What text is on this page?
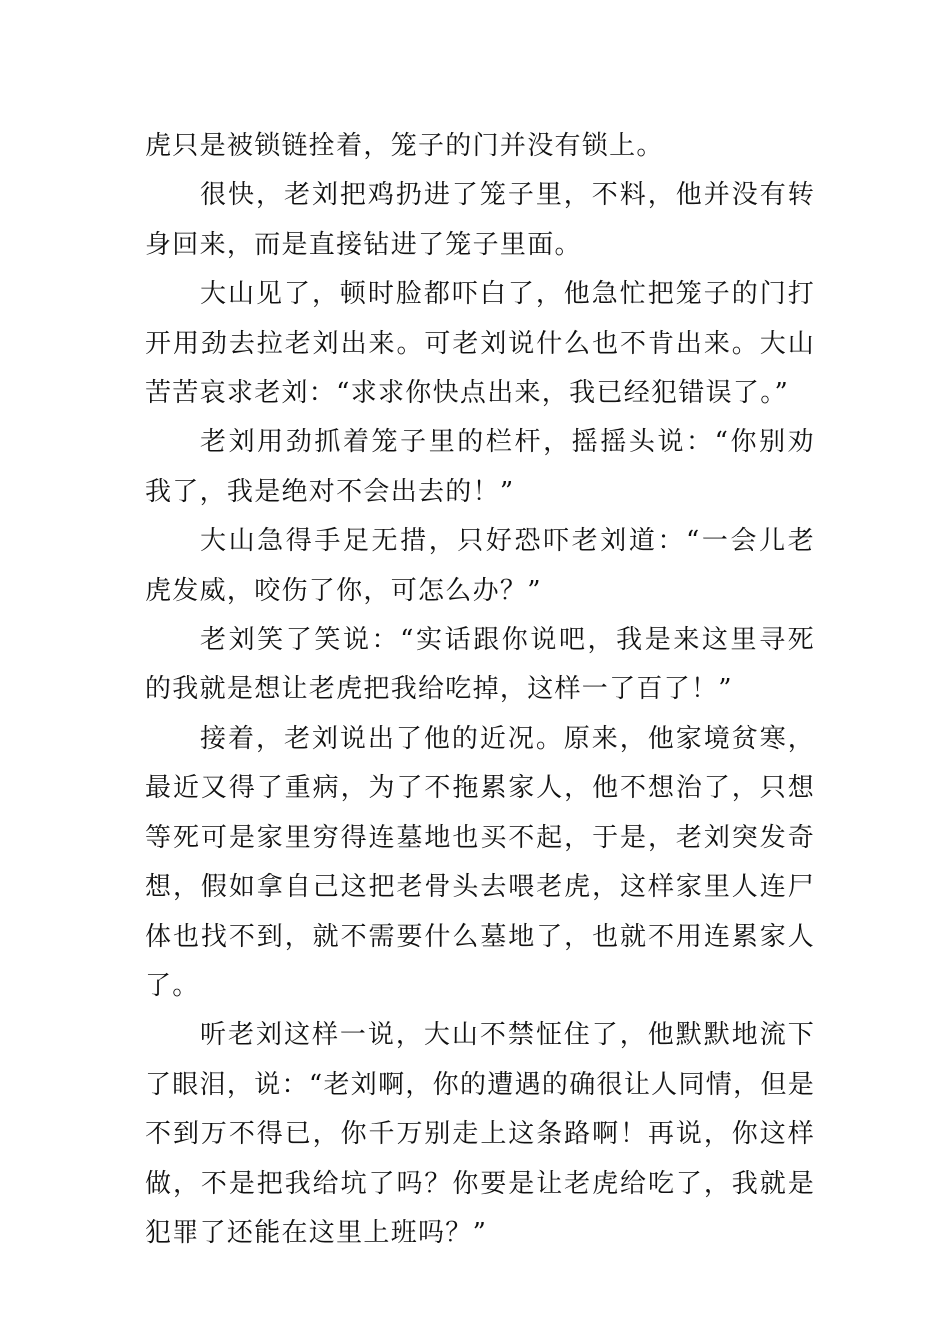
虎只是被锁链拴着，笼子的门并没有锁上。

很快，老刘把鸡扔进了笼子里，不料，他并没有转身回来，而是直接钻进了笼子里面。

大山见了，顿时脸都吓白了，他急忙把笼子的门打开用劲去拉老刘出来。可老刘说什么也不肯出来。大山苦苦哀求老刘：“求求你快点出来，我已经犯错误了。”

老刘用劲抓着笼子里的栏杆，摇摇头说：“你别劝我了，我是绝对不会出去的！”

大山急得手足无措，只好恐吓老刘道：“一会儿老虎发威，咬伤了你，可怎么办？”

老刘笑了笑说：“实话跟你说吧，我是来这里寻死的我就是想让老虎把我给吃掉，这样一了百了！”

接着，老刘说出了他的近况。原来，他家境贫寒，最近又得了重病，为了不拖累家人，他不想治了，只想等死可是家里穷得连墓地也买不起，于是，老刘突发奇想，假如拿自己这把老骨头去喂老虎，这样家里人连尸体也找不到，就不需要什么墓地了，也就不用连累家人了。

听老刘这样一说，大山不禁怔住了，他默默地流下了眼泪，说：“老刘啊，你的遭遇的确很让人同情，但是不到万不得已，你千万别走上这条路啊！再说，你这样做，不是把我给坑了吗？你要是让老虎给吃了，我就是犯罪了还能在这里上班吗？”
